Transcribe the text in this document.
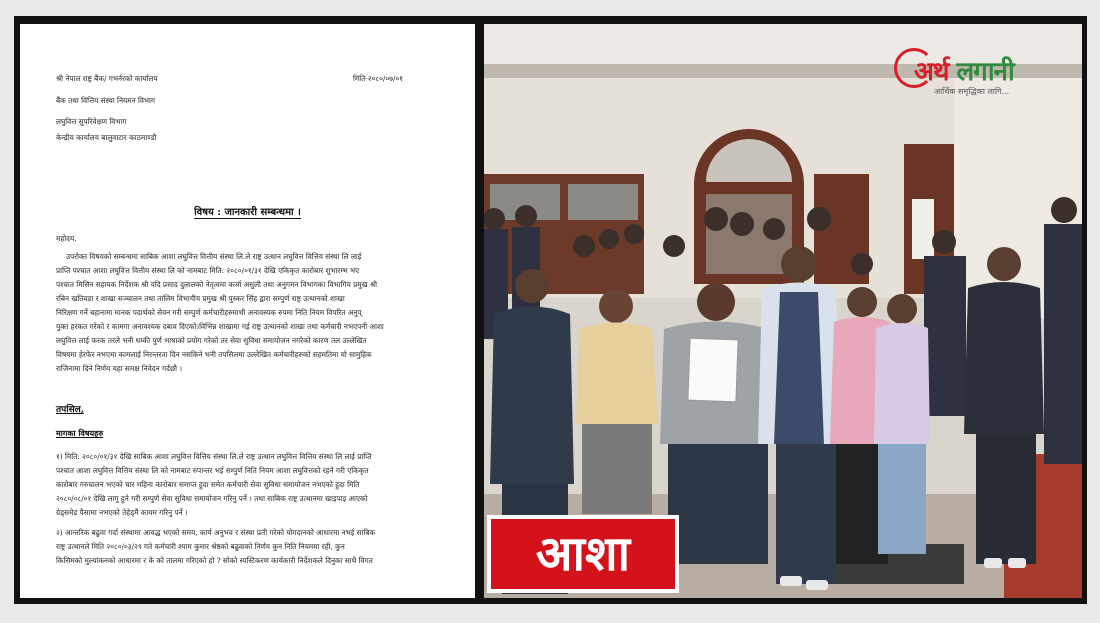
श्री नेपाल राष्ट्र बैंक/ गभर्नरको कार्यालय	मिति-२०८०/०७/०१
बैंक तथा वित्तिय संस्था नियमन विभाग
लघुवित्त सुपरिवेक्षण विभाग
केन्द्रीय कार्यालय बालुवाटार काठमाण्डौ
विषय : जानकारी सम्बन्धमा ।
महोदय,
उपरोक्त विषयको सम्बन्धमा साबिक आशा लघुवित्त वित्तीय संस्था लि.ले राष्ट्र उत्थान लघुवित्त वित्तिय संस्था लि लाई
प्राप्ति पश्चात आशा लघुवित्त वित्तीय संस्था लि को नामबाट मिति: २०८०/०१/३१ देखि एकिकृत कारोबार शुभारम्भ भए
पश्चात मिसिन सहायक निर्देशक श्री यदि प्रसाद दुलालको नेतृत्वमा कर्जा असुली तथा अनुगमन विभागका विभागिय प्रमुख श्री
रबिन खतिवडा र शाखा सञ्चालन तथा तालिम विभागीय प्रमुख श्री पुस्कर सिंह द्वारा सम्पुर्ण राष्ट्र उत्थानको शाखा
निरिक्षण गर्ने बहानामा मानक पदार्थको सेवन गरी सम्पुर्ण कर्मचारीहरुमाथी अनावस्यक रुपमा निति नियम विपरित अनुप्
युक्त हरकत गरेको र कामगा अनावश्यक दबाव दिएको।विभिन्न शाखामा गई राष्ट्र उत्थानको शाखा तथा कर्मचारी नभएपनी आशा
लघुवित्त लाई फरक तरले भनी धम्की पुर्ण भाषाको प्रयोग गरेको तर सेवा सुविधा समायोजन नगरेको कारण तल उल्लेखित
विषयमा हेरफेर नभएमा कामलाई निरन्तरता दिन नसकिने भनी तपसिलमा उल्लेखित कर्मचारीहरुको सहमतिमा यो सामुहिक
राजिनामा दिने निर्णय यहा समक्ष निवेदन गर्दछौ ।
तपसिल,
मागका विषयहरु
१) मिति: २०८०/०१/३१ देखि साबिक आशा लघुवित्त वित्तिय संस्था लि.ले राष्ट्र उत्थान लघुवित्त वित्तिय संस्था लि लाई प्राप्ति
पश्चात आशा लघुवित्त वित्तिय संस्था लि को नामबाट रुपान्तर भई सम्पुर्ण निति नियम आशा लघुवित्तको रहने गरी एकिकृत
कारोबार गरुचालन भएको चार महिना कारोबार समाप्त हुदा समेत कर्मचारी सेवा सुविधा समायोजन नभएको हुदा मिति
२०८०/०८/०१ देखि लागु हुने गरी सम्पुर्ण सेवा सुविधा समायोजन गरिनु पर्ने । तथा साबिक राष्ट्र उत्थानमा खाइपाइ आएको
ग्रेड्समेड पैसामा नभएको तेहेड्मैं कायम गरिनु पर्ने ।
२) आन्तरिक बढुवा गर्दा संस्थामा आवद्ध भएको समय, कार्य अनुभव र संस्था प्रती गरेको योगदानको आधारमा नभई साबिक
राष्ट्र उत्थानले मिति २०८०/०३/२९ गते कर्मचारी श्याम कुमार श्रेष्ठको बढुवाको निर्णय कुन निति नियममा रही, कुन
किसिमको मुल्यांकनको आधारमा र के को तालमा गरिएको हो ? सोको स्पस्टिकरण कार्यकारी निर्देशकले दिनुका साथै विगत
अर्थ लगानी
आर्थिक समृद्धिका लागि...
आशा
